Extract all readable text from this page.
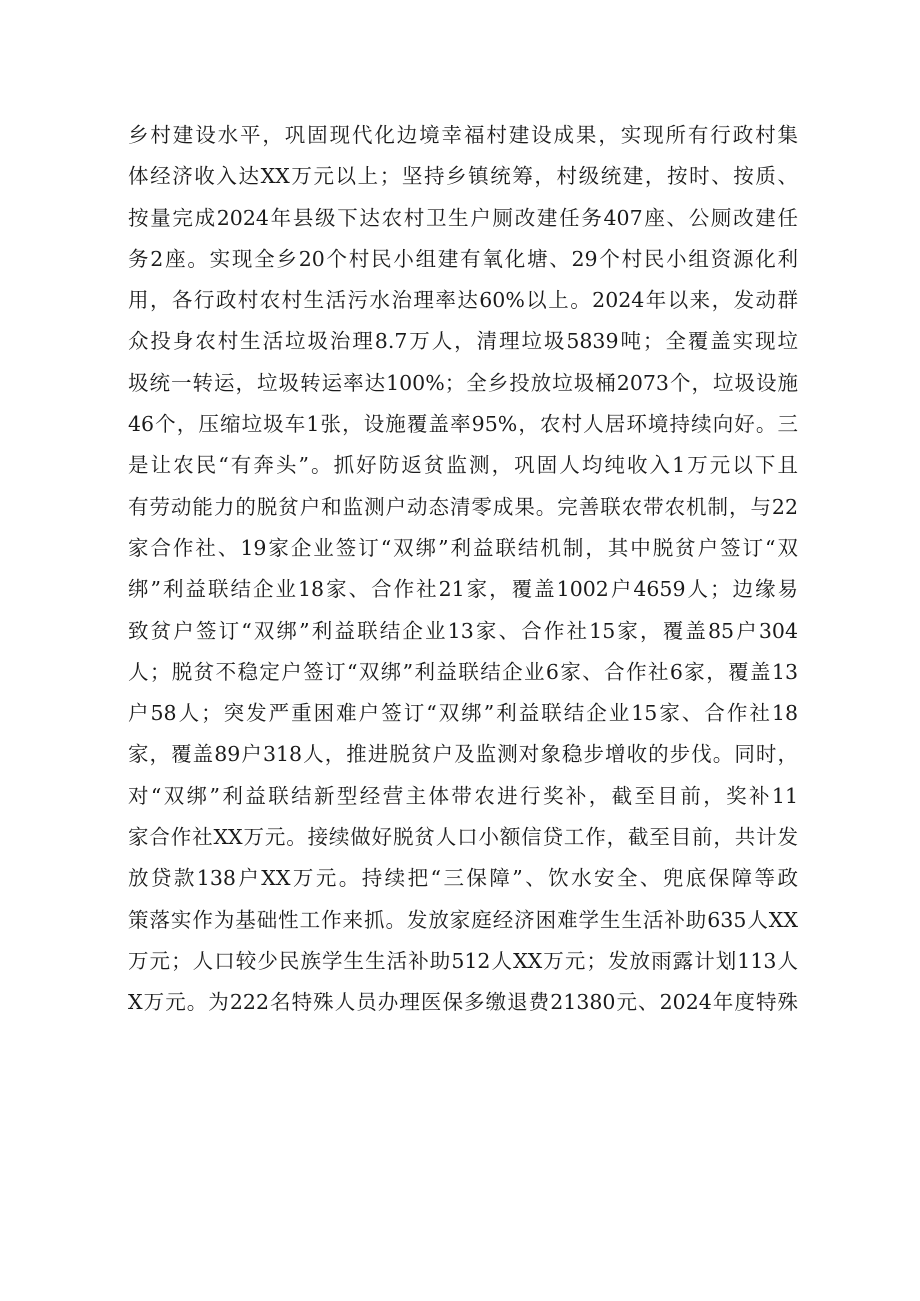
乡村建设水平，巩固现代化边境幸福村建设成果，实现所有行政村集
体经济收入达XX万元以上；坚持乡镇统筹，村级统建，按时、按质、
按量完成2024年县级下达农村卫生户厕改建任务407座、公厕改建任
务2座。实现全乡20个村民小组建有氧化塘、29个村民小组资源化利
用，各行政村农村生活污水治理率达60%以上。2024年以来，发动群
众投身农村生活垃圾治理8.7万人，清理垃圾5839吨；全覆盖实现垃
圾统一转运，垃圾转运率达100%；全乡投放垃圾桶2073个，垃圾设施
46个，压缩垃圾车1张，设施覆盖率95%，农村人居环境持续向好。三
是让农民“有奔头”。抓好防返贫监测，巩固人均纯收入1万元以下且
有劳动能力的脱贫户和监测户动态清零成果。完善联农带农机制，与22
家合作社、19家企业签订“双绑”利益联结机制，其中脱贫户签订“双
绑”利益联结企业18家、合作社21家，覆盖1002户4659人；边缘易
致贫户签订“双绑”利益联结企业13家、合作社15家，覆盖85户304
人；脱贫不稳定户签订“双绑”利益联结企业6家、合作社6家，覆盖13
户58人；突发严重困难户签订“双绑”利益联结企业15家、合作社18
家，覆盖89户318人，推进脱贫户及监测对象稳步增收的步伐。同时，
对“双绑”利益联结新型经营主体带农进行奖补，截至目前，奖补11
家合作社XX万元。接续做好脱贫人口小额信贷工作，截至目前，共计发
放贷款138户XX万元。持续把“三保障”、饮水安全、兜底保障等政
策落实作为基础性工作来抓。发放家庭经济困难学生生活补助635人XX
万元；人口较少民族学生生活补助512人XX万元；发放雨露计划113人
X万元。为222名特殊人员办理医保多缴退费21380元、2024年度特殊
